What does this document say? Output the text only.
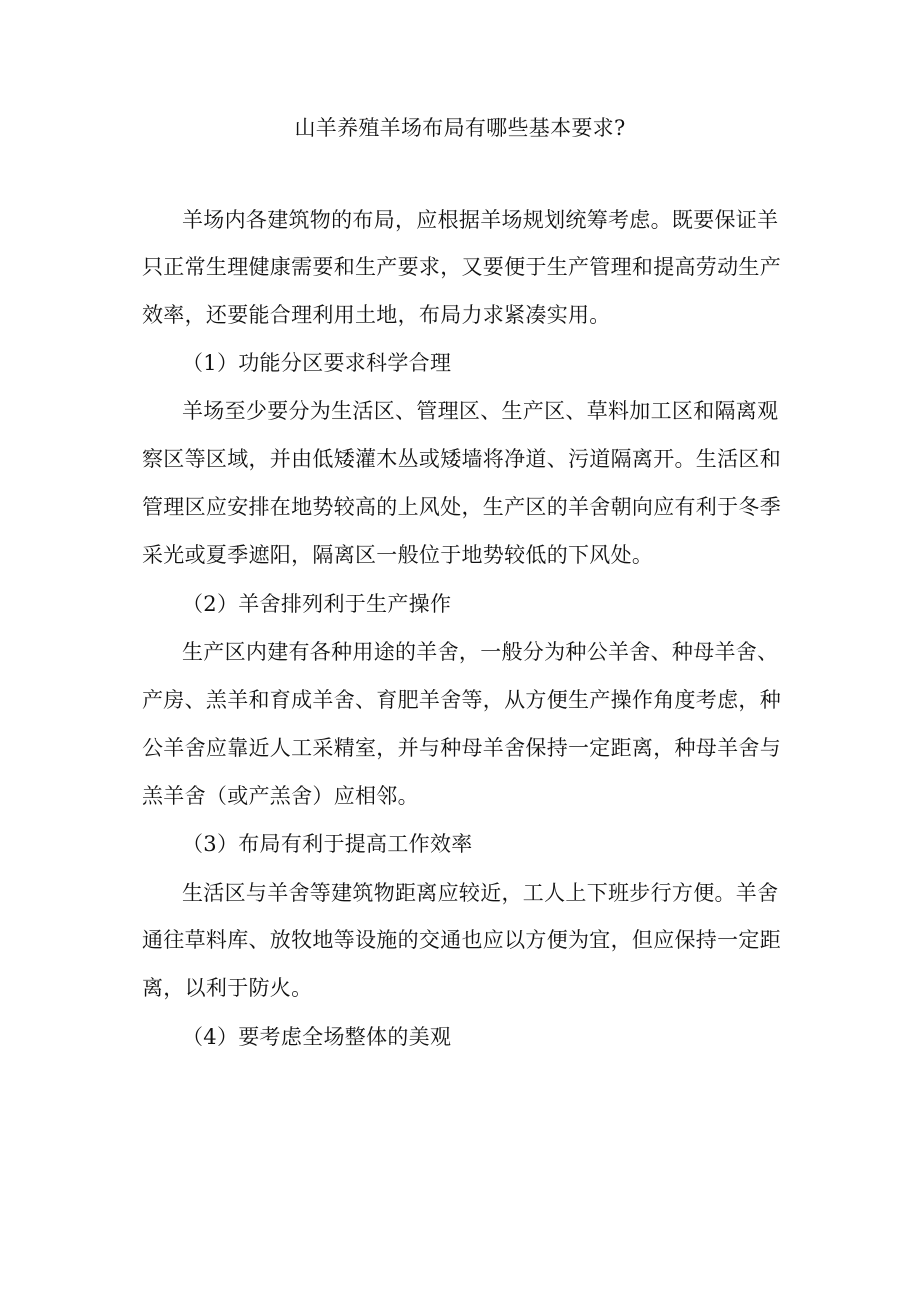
山羊养殖羊场布局有哪些基本要求?
羊场内各建筑物的布局，应根据羊场规划统筹考虑。既要保证羊
只正常生理健康需要和生产要求，又要便于生产管理和提高劳动生产
效率，还要能合理利用土地，布局力求紧凑实用。
（1）功能分区要求科学合理
羊场至少要分为生活区、管理区、生产区、草料加工区和隔离观
察区等区域，并由低矮灌木丛或矮墙将净道、污道隔离开。生活区和
管理区应安排在地势较高的上风处，生产区的羊舍朝向应有利于冬季
采光或夏季遮阳，隔离区一般位于地势较低的下风处。
（2）羊舍排列利于生产操作
生产区内建有各种用途的羊舍，一般分为种公羊舍、种母羊舍、
产房、羔羊和育成羊舍、育肥羊舍等，从方便生产操作角度考虑，种
公羊舍应靠近人工采精室，并与种母羊舍保持一定距离，种母羊舍与
羔羊舍（或产羔舍）应相邻。
（3）布局有利于提高工作效率
生活区与羊舍等建筑物距离应较近，工人上下班步行方便。羊舍
通往草料库、放牧地等设施的交通也应以方便为宜，但应保持一定距
离，以利于防火。
（4）要考虑全场整体的美观
